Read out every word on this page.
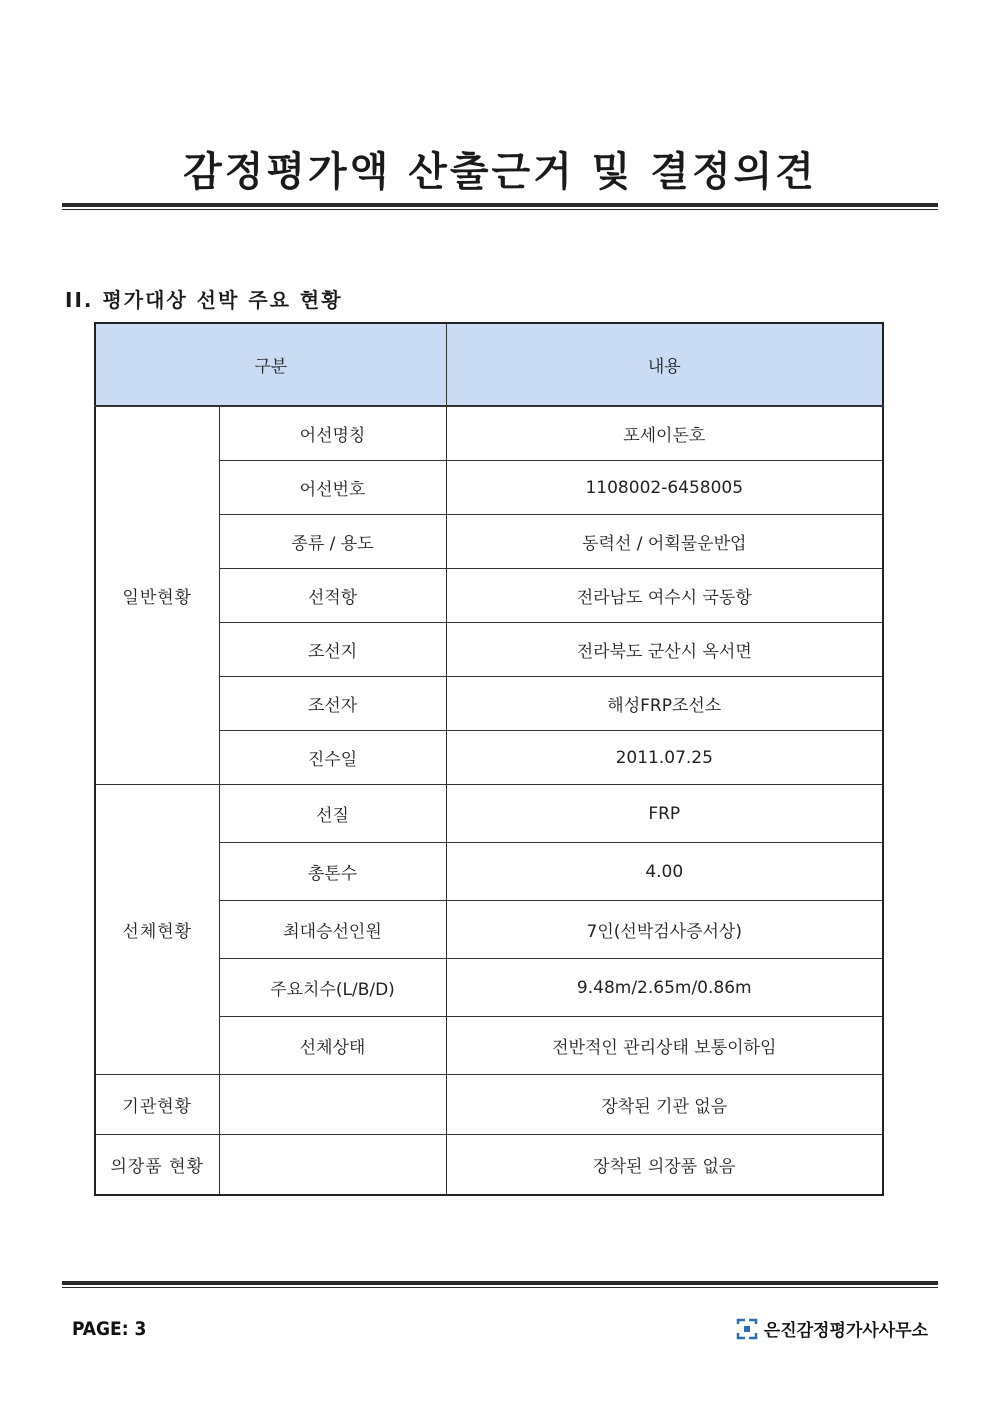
감정평가액 산출근거 및 결정의견
II. 평가대상 선박 주요 현황
구분		내용
일반현황	어선명칭	포세이돈호
	어선번호	1108002-6458005
	종류 / 용도	동력선 / 어획물운반업
	선적항	전라남도 여수시 국동항
	조선지	전라북도 군산시 옥서면
	조선자	해성FRP조선소
	진수일	2011.07.25
선체현황	선질	FRP
	총톤수	4.00
	최대승선인원	7인(선박검사증서상)
	주요치수(L/B/D)	9.48m/2.65m/0.86m
	선체상태	전반적인 관리상태 보통이하임
기관현황		장착된 기관 없음
의장품 현황		장착된 의장품 없음
PAGE: 3	은진감정평가사사무소
